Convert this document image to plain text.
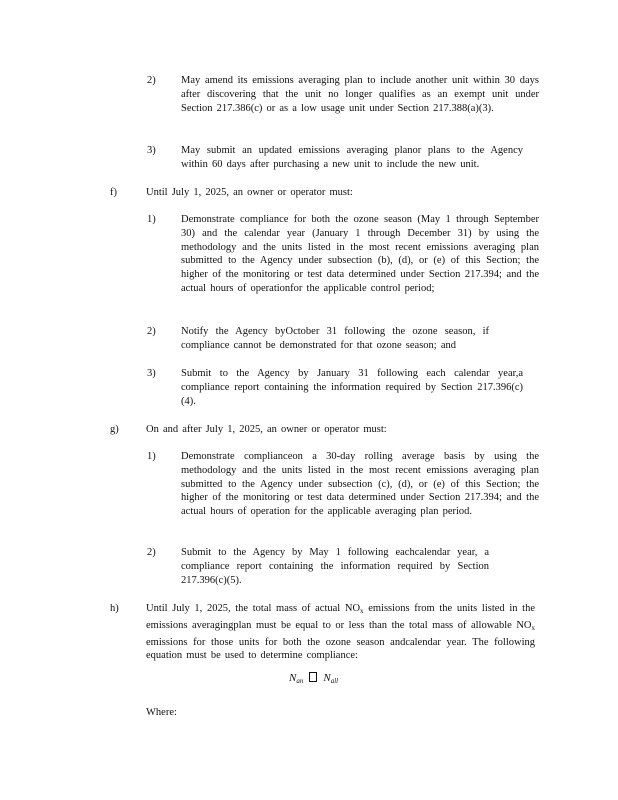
2) May amend its emissions averaging plan to include another unit within 30 days after discovering that the unit no longer qualifies as an exempt unit under Section 217.386(c) or as a low usage unit under Section 217.388(a)(3).
3) May submit an updated emissions averaging planor plans to the Agency within 60 days after purchasing a new unit to include the new unit.
f)	Until July 1, 2025, an owner or operator must:
1) Demonstrate compliance for both the ozone season (May 1 through September 30) and the calendar year (January 1 through December 31) by using the methodology and the units listed in the most recent emissions averaging plan submitted to the Agency under subsection (b), (d), or (e) of this Section; the higher of the monitoring or test data determined under Section 217.394; and the actual hours of operationfor the applicable control period;
2) Notify the Agency byOctober 31 following the ozone season, if compliance cannot be demonstrated for that ozone season; and
3) Submit to the Agency by January 31 following each calendar year,a compliance report containing the information required by Section 217.396(c)(4).
g)	On and after July 1, 2025, an owner or operator must:
1) Demonstrate complianceon a 30-day rolling average basis by using the methodology and the units listed in the most recent emissions averaging plan submitted to the Agency under subsection (c), (d), or (e) of this Section; the higher of the monitoring or test data determined under Section 217.394; and the actual hours of operation for the applicable averaging plan period.
2) Submit to the Agency by May 1 following eachcalendar year, a compliance report containing the information required by Section 217.396(c)(5).
h)	Until July 1, 2025, the total mass of actual $NO_x$ emissions from the units listed in the emissions averagingplan must be equal to or less than the total mass of allowable $NO_x$ emissions for those units for both the ozone season andcalendar year. The following equation must be used to determine compliance:
$N_{an}$ $N_{all}$
Where:
